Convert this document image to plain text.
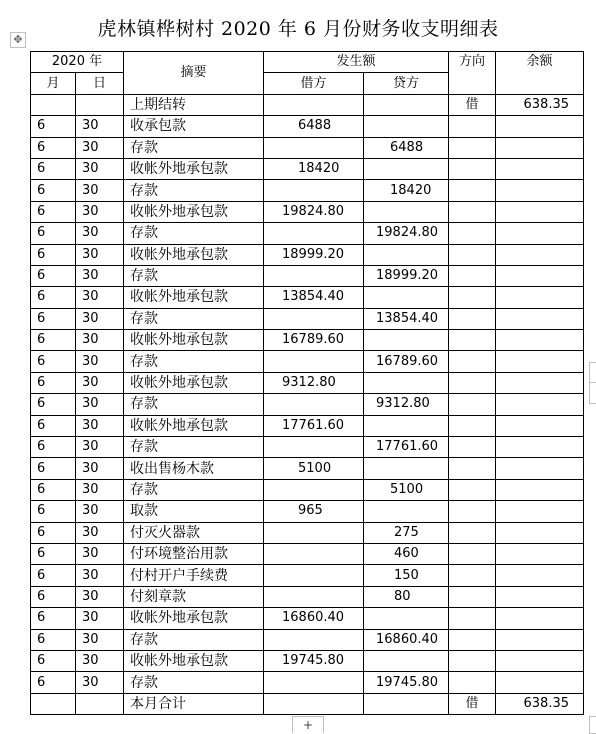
虎林镇桦树村 2020 年 6 月份财务收支明细表
✥
2020 年		摘要	发生额		方向	余额
月	日		借方	贷方		
		上期结转			借	638.35
6	30	收承包款	6488			
6	30	存款		6488		
6	30	收帐外地承包款	18420			
6	30	存款		18420		
6	30	收帐外地承包款	19824.80			
6	30	存款		19824.80		
6	30	收帐外地承包款	18999.20			
6	30	存款		18999.20		
6	30	收帐外地承包款	13854.40			
6	30	存款		13854.40		
6	30	收帐外地承包款	16789.60			
6	30	存款		16789.60		
6	30	收帐外地承包款	9312.80			
6	30	存款		9312.80		
6	30	收帐外地承包款	17761.60			
6	30	存款		17761.60		
6	30	收出售杨木款	5100			
6	30	存款		5100		
6	30	取款	965			
6	30	付灭火器款		275		
6	30	付环境整治用款		460		
6	30	付村开户手续费		150		
6	30	付刻章款		80		
6	30	收帐外地承包款	16860.40			
6	30	存款		16860.40		
6	30	收帐外地承包款	19745.80			
6	30	存款		19745.80		
		本月合计			借	638.35
+
